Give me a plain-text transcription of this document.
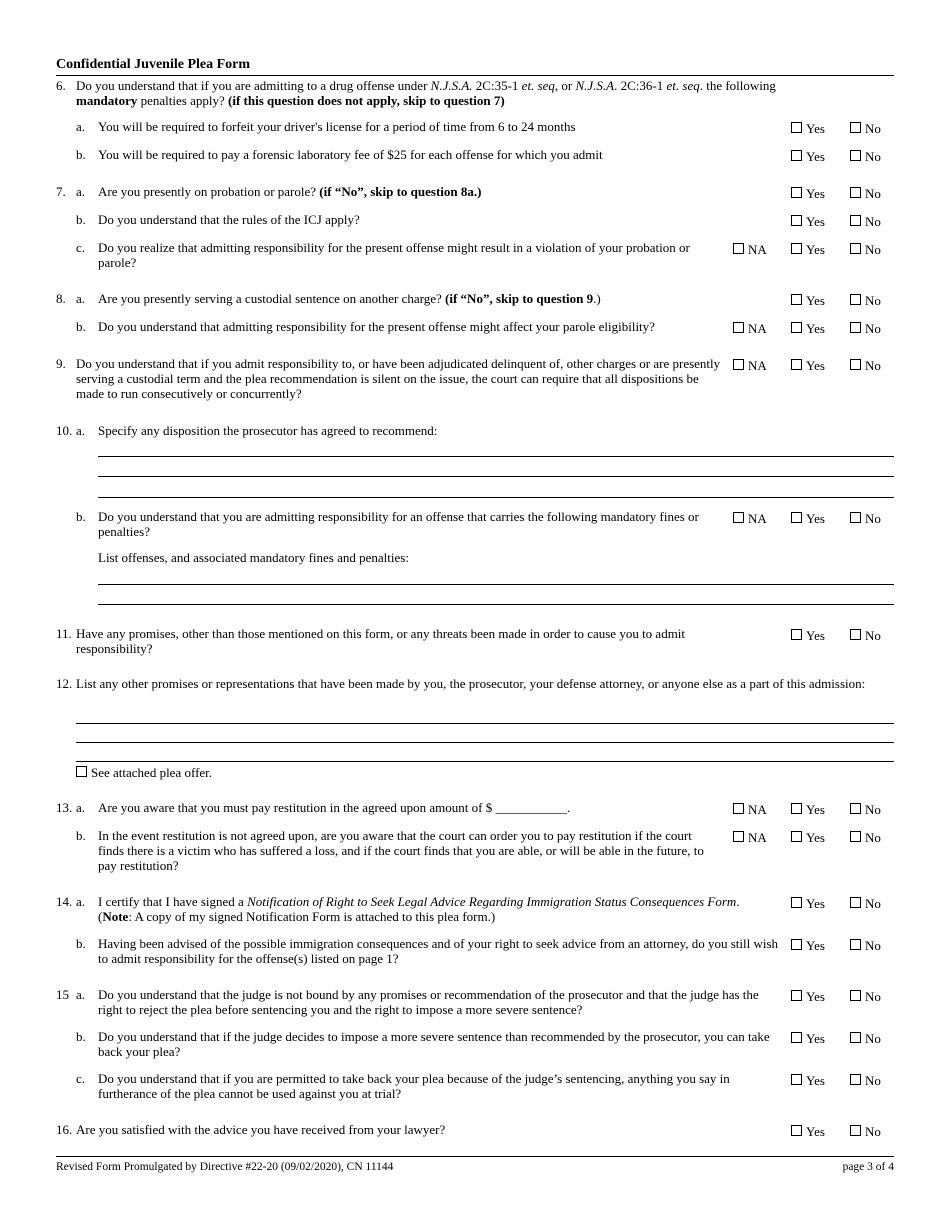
Confidential Juvenile Plea Form
6. Do you understand that if you are admitting to a drug offense under N.J.S.A. 2C:35-1 et. seq, or N.J.S.A. 2C:36-1 et. seq. the following mandatory penalties apply? (if this question does not apply, skip to question 7)
a. You will be required to forfeit your driver's license for a period of time from 6 to 24 months	Yes	No
b. You will be required to pay a forensic laboratory fee of $25 for each offense for which you admit	Yes	No
7. a. Are you presently on probation or parole? (if “No”, skip to question 8a.)	Yes	No
b. Do you understand that the rules of the ICJ apply?	Yes	No
c. Do you realize that admitting responsibility for the present offense might result in a violation of your probation or parole?
NA	Yes	No
8. a. Are you presently serving a custodial sentence on another charge? (if “No”, skip to question 9.)	Yes	No
b. Do you understand that admitting responsibility for the present offense might affect your parole eligibility?	NA	Yes	No
9. Do you understand that if you admit responsibility to, or have been adjudicated delinquent of, other charges or are presently serving a custodial term and the plea recommendation is silent on the issue, the court can require that all dispositions be made to run consecutively or concurrently?
NA	Yes	No
10. a. Specify any disposition the prosecutor has agreed to recommend:
b. Do you understand that you are admitting responsibility for an offense that carries the following mandatory fines or penalties?
NA	Yes	No
List offenses, and associated mandatory fines and penalties:
11. Have any promises, other than those mentioned on this form, or any threats been made in order to cause you to admit responsibility?
Yes	No
12. List any other promises or representations that have been made by you, the prosecutor, your defense attorney, or anyone else as a part of this admission:
See attached plea offer.
13. a. Are you aware that you must pay restitution in the agreed upon amount of $ ___________.	NA	Yes	No
b. In the event restitution is not agreed upon, are you aware that the court can order you to pay restitution if the court finds there is a victim who has suffered a loss, and if the court finds that you are able, or will be able in the future, to pay restitution?
NA	Yes	No
14. a. I certify that I have signed a Notification of Right to Seek Legal Advice Regarding Immigration Status Consequences Form. (Note: A copy of my signed Notification Form is attached to this plea form.)
Yes	No
b. Having been advised of the possible immigration consequences and of your right to seek advice from an attorney, do you still wish to admit responsibility for the offense(s) listed on page 1?
Yes	No
15 a. Do you understand that the judge is not bound by any promises or recommendation of the prosecutor and that the judge has the right to reject the plea before sentencing you and the right to impose a more severe sentence?
Yes	No
b. Do you understand that if the judge decides to impose a more severe sentence than recommended by the prosecutor, you can take back your plea?
Yes	No
c. Do you understand that if you are permitted to take back your plea because of the judge’s sentencing, anything you say in furtherance of the plea cannot be used against you at trial?
Yes	No
16. Are you satisfied with the advice you have received from your lawyer?	Yes	No
Revised Form Promulgated by Directive #22-20 (09/02/2020), CN 11144	page 3 of 4
